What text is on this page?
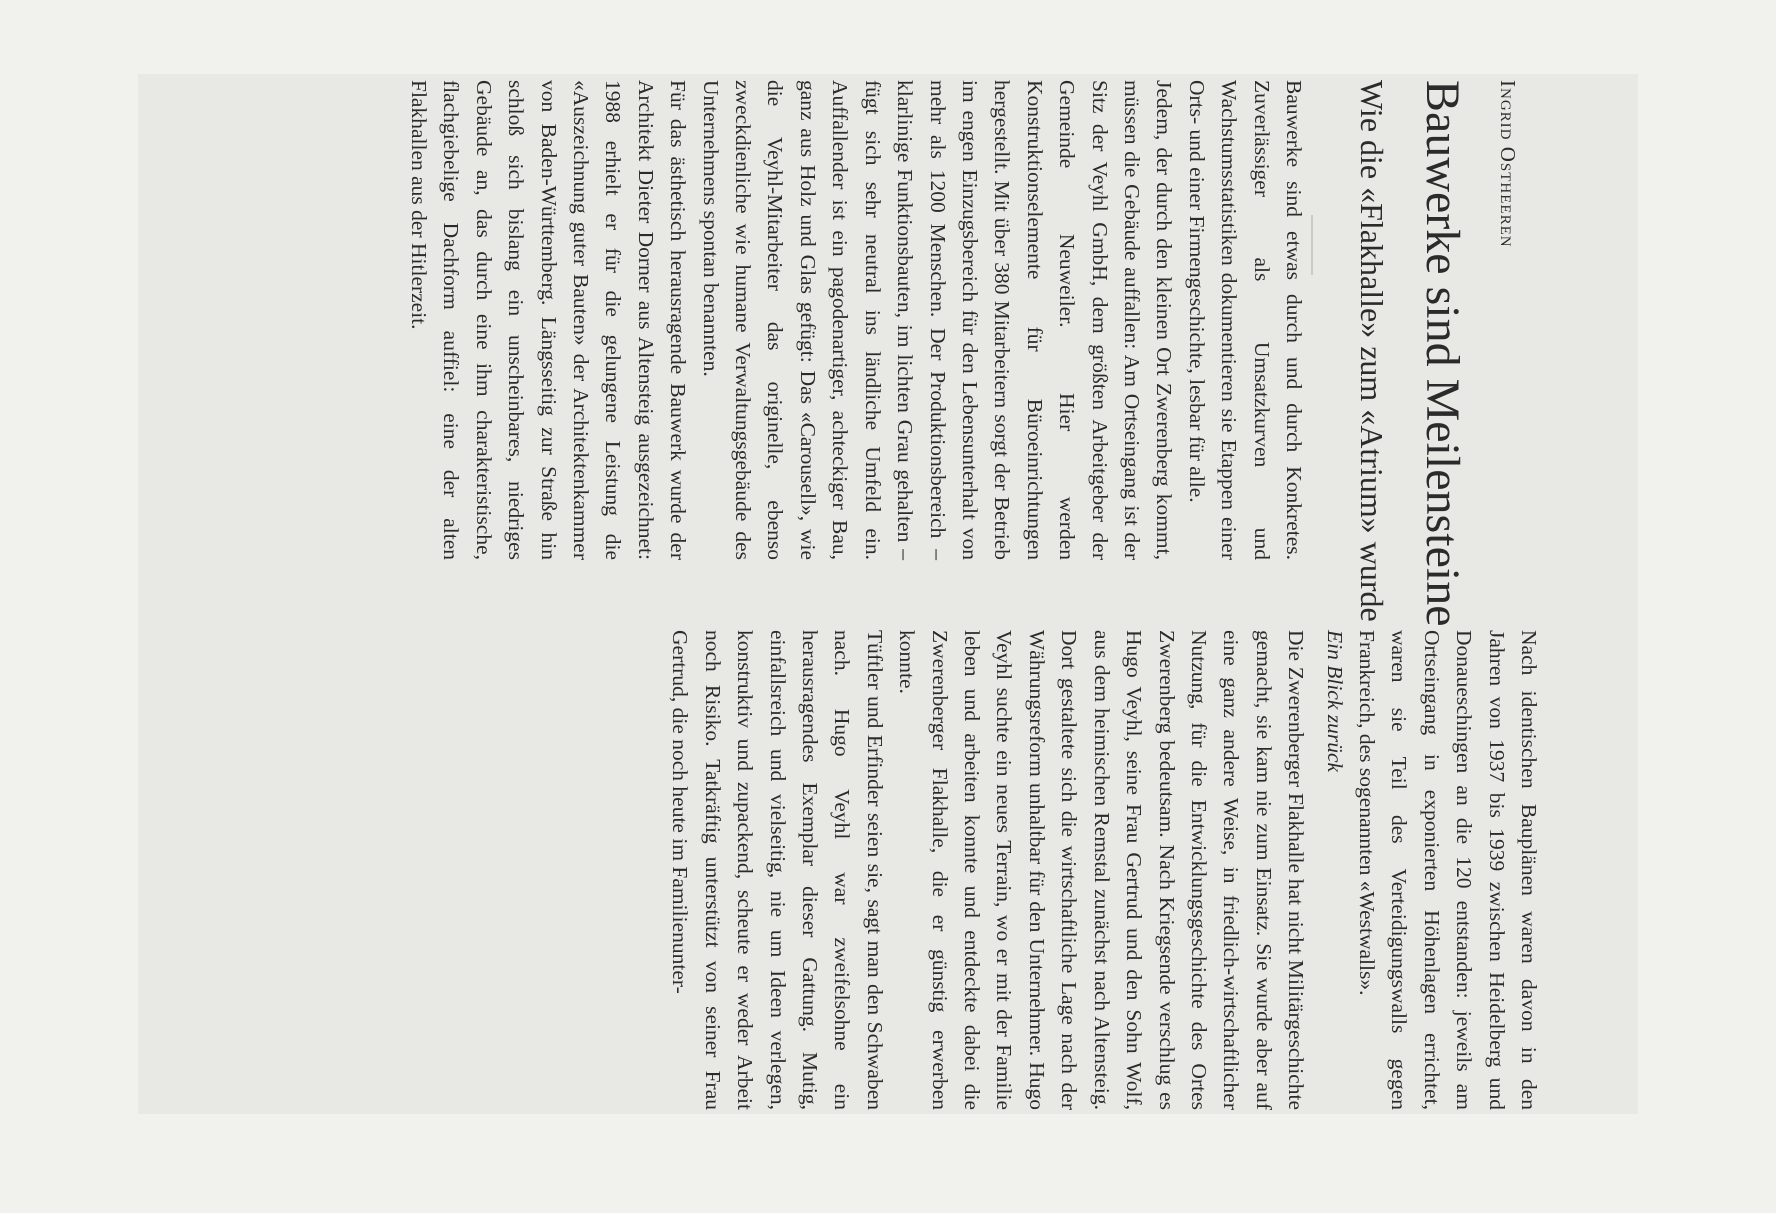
Ingrid Ostheeren
Bauwerke sind Meilensteine
Wie die «Flakhalle» zum «Atrium» wurde

Bauwerke sind etwas durch und durch Konkretes. Zuverlässiger als Umsatzkurven und Wachstumsstatistiken dokumentieren sie Etappen einer Orts- und einer Firmengeschichte, lesbar für alle.

Jedem, der durch den kleinen Ort Zwerenberg kommt, müssen die Gebäude auffallen: Am Ortseingang ist der Sitz der Veyhl GmbH, dem größten Arbeitgeber der Gemeinde Neuweiler. Hier werden Konstruktionselemente für Büroeinrichtungen hergestellt. Mit über 380 Mitarbeitern sorgt der Betrieb im engen Einzugsbereich für den Lebensunterhalt von mehr als 1200 Menschen. Der Produktionsbereich – klarlinige Funktionsbauten, im lichten Grau gehalten – fügt sich sehr neutral ins ländliche Umfeld ein. Auffallender ist ein pagodenartiger, achteckiger Bau, ganz aus Holz und Glas gefügt: Das «Carousell», wie die Veyhl-Mitarbeiter das originelle, ebenso zweckdienliche wie humane Verwaltungsgebäude des Unternehmens spontan benannten.

Für das ästhetisch herausragende Bauwerk wurde der Architekt Dieter Dorner aus Altensteig ausgezeichnet: 1988 erhielt er für die gelungene Leistung die «Auszeichnung guter Bauten» der Architektenkammer von Baden-Württemberg. Längsseitig zur Straße hin schloß sich bislang ein unscheinbares, niedriges Gebäude an, das durch eine ihm charakteristische, flachgiebelige Dachform auffiel: eine der alten Flakhallen aus der Hitlerzeit.

Nach identischen Bauplänen waren davon in den Jahren von 1937 bis 1939 zwischen Heidelberg und Donaueschingen an die 120 entstanden: jeweils am Ortseingang in exponierten Höhenlagen errichtet, waren sie Teil des Verteidigungswalls gegen Frankreich, des sogenannten «Westwalls».

Ein Blick zurück

Die Zwerenberger Flakhalle hat nicht Militärgeschichte gemacht, sie kam nie zum Einsatz. Sie wurde aber auf eine ganz andere Weise, in friedlich-wirtschaftlicher Nutzung, für die Entwicklungsgeschichte des Ortes Zwerenberg bedeutsam. Nach Kriegsende verschlug es Hugo Veyhl, seine Frau Gertrud und den Sohn Wolf, aus dem heimischen Remstal zunächst nach Altensteig. Dort gestaltete sich die wirtschaftliche Lage nach der Währungsreform unhaltbar für den Unternehmer. Hugo Veyhl suchte ein neues Terrain, wo er mit der Familie leben und arbeiten konnte und entdeckte dabei die Zwerenberger Flakhalle, die er günstig erwerben konnte.

Tüftler und Erfinder seien sie, sagt man den Schwaben nach. Hugo Veyhl war zweifelsohne ein herausragendes Exemplar dieser Gattung. Mutig, einfallsreich und vielseitig, nie um Ideen verlegen, konstruktiv und zupackend, scheute er weder Arbeit noch Risiko. Tatkräftig unterstützt von seiner Frau Gertrud, die noch heute im Familienunter-
